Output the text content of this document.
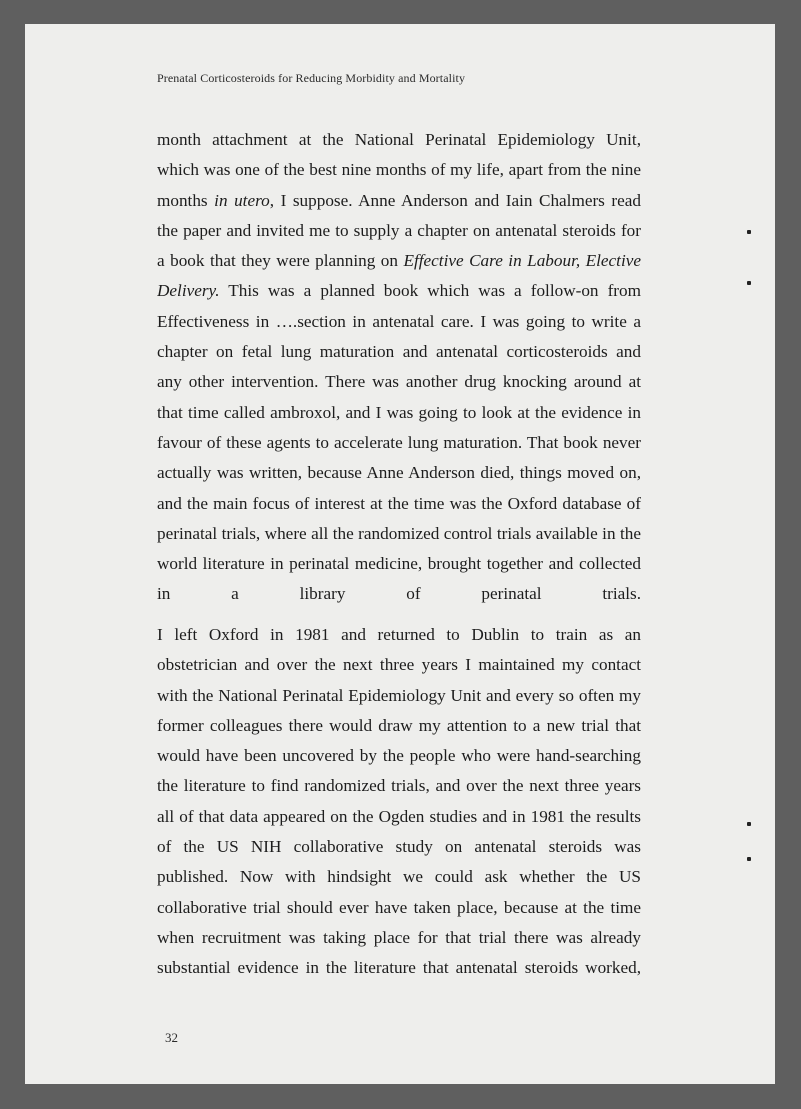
Prenatal Corticosteroids for Reducing Morbidity and Mortality

month attachment at the National Perinatal Epidemiology Unit,
which was one of the best nine months of my life, apart from the nine
months in utero, I suppose. Anne Anderson and Iain Chalmers read
the paper and invited me to supply a chapter on antenatal steroids for
a book that they were planning on Effective Care in Labour, Elective
Delivery. This was a planned book which was a follow-on from
Effectiveness in ….section in antenatal care. I was going to write a
chapter on fetal lung maturation and antenatal corticosteroids and
any other intervention. There was another drug knocking around at
that time called ambroxol, and I was going to look at the evidence in
favour of these agents to accelerate lung maturation. That book never
actually was written, because Anne Anderson died, things moved on,
and the main focus of interest at the time was the Oxford database of
perinatal trials, where all the randomized control trials available in the
world literature in perinatal medicine, brought together and collected
in a library of perinatal trials.
I left Oxford in 1981 and returned to Dublin to train as an
obstetrician and over the next three years I maintained my contact
with the National Perinatal Epidemiology Unit and every so often my
former colleagues there would draw my attention to a new trial that
would have been uncovered by the people who were hand-searching
the literature to find randomized trials, and over the next three years
all of that data appeared on the Ogden studies and in 1981 the results
of the US NIH collaborative study on antenatal steroids was
published. Now with hindsight we could ask whether the US
collaborative trial should ever have taken place, because at the time
when recruitment was taking place for that trial there was already
substantial evidence in the literature that antenatal steroids worked,
32
